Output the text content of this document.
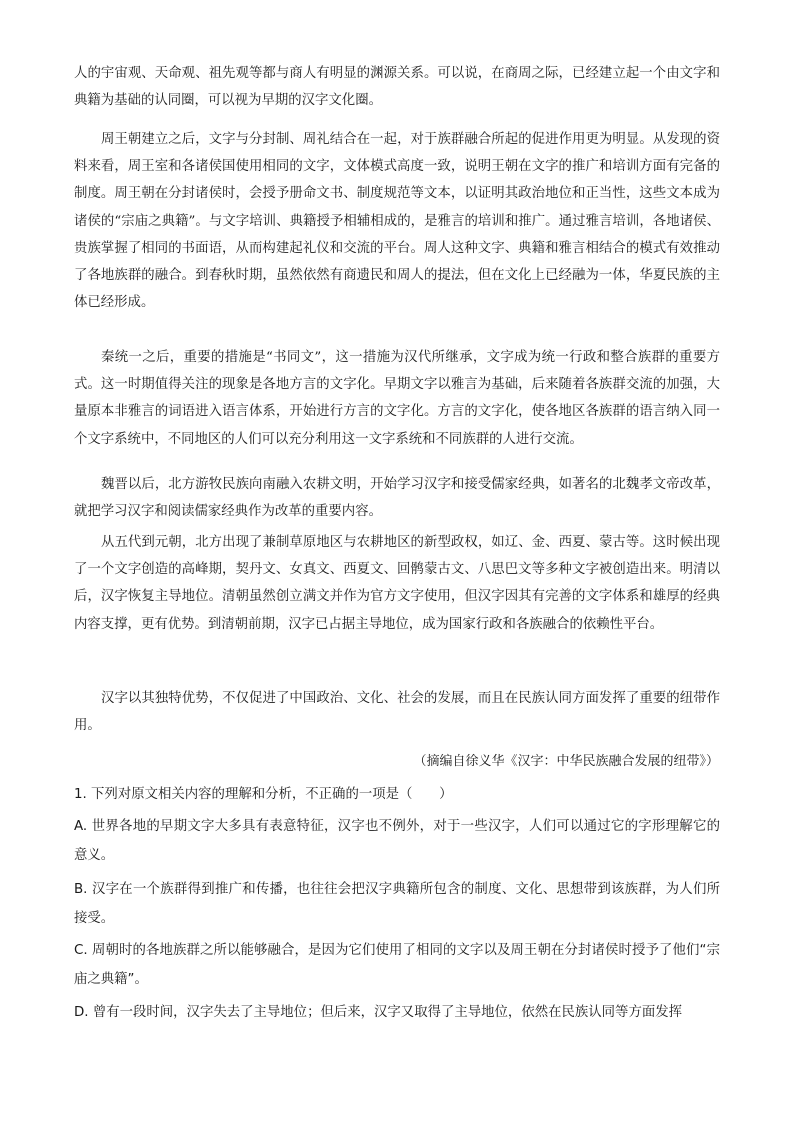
人的宇宙观、天命观、祖先观等都与商人有明显的渊源关系。可以说，在商周之际，已经建立起一个由文字和典籍为基础的认同圈，可以视为早期的汉字文化圈。

周王朝建立之后，文字与分封制、周礼结合在一起，对于族群融合所起的促进作用更为明显。从发现的资料来看，周王室和各诸侯国使用相同的文字，文体模式高度一致，说明王朝在文字的推广和培训方面有完备的制度。周王朝在分封诸侯时，会授予册命文书、制度规范等文本，以证明其政治地位和正当性，这些文本成为诸侯的“宗庙之典籍”。与文字培训、典籍授予相辅相成的，是雅言的培训和推广。通过雅言培训，各地诸侯、贵族掌握了相同的书面语，从而构建起礼仪和交流的平台。周人这种文字、典籍和雅言相结合的模式有效推动了各地族群的融合。到春秋时期，虽然依然有商遗民和周人的提法，但在文化上已经融为一体，华夏民族的主体已经形成。

秦统一之后，重要的措施是“书同文”，这一措施为汉代所继承，文字成为统一行政和整合族群的重要方式。这一时期值得关注的现象是各地方言的文字化。早期文字以雅言为基础，后来随着各族群交流的加强，大量原本非雅言的词语进入语言体系，开始进行方言的文字化。方言的文字化，使各地区各族群的语言纳入同一个文字系统中，不同地区的人们可以充分利用这一文字系统和不同族群的人进行交流。

魏晋以后，北方游牧民族向南融入农耕文明，开始学习汉字和接受儒家经典，如著名的北魏孝文帝改革，就把学习汉字和阅读儒家经典作为改革的重要内容。

从五代到元朝，北方出现了兼制草原地区与农耕地区的新型政权，如辽、金、西夏、蒙古等。这时候出现了一个文字创造的高峰期，契丹文、女真文、西夏文、回鹘蒙古文、八思巴文等多种文字被创造出来。明清以后，汉字恢复主导地位。清朝虽然创立满文并作为官方文字使用，但汉字因其有完善的文字体系和雄厚的经典内容支撑，更有优势。到清朝前期，汉字已占据主导地位，成为国家行政和各族融合的依赖性平台。

汉字以其独特优势，不仅促进了中国政治、文化、社会的发展，而且在民族认同方面发挥了重要的纽带作用。

（摘编自徐义华《汉字：中华民族融合发展的纽带》）
1. 下列对原文相关内容的理解和分析，不正确的一项是（　　）

A. 世界各地的早期文字大多具有表意特征，汉字也不例外，对于一些汉字，人们可以通过它的字形理解它的意义。

B. 汉字在一个族群得到推广和传播，也往往会把汉字典籍所包含的制度、文化、思想带到该族群，为人们所接受。

C. 周朝时的各地族群之所以能够融合，是因为它们使用了相同的文字以及周王朝在分封诸侯时授予了他们“宗庙之典籍”。

D. 曾有一段时间，汉字失去了主导地位；但后来，汉字又取得了主导地位，依然在民族认同等方面发挥
